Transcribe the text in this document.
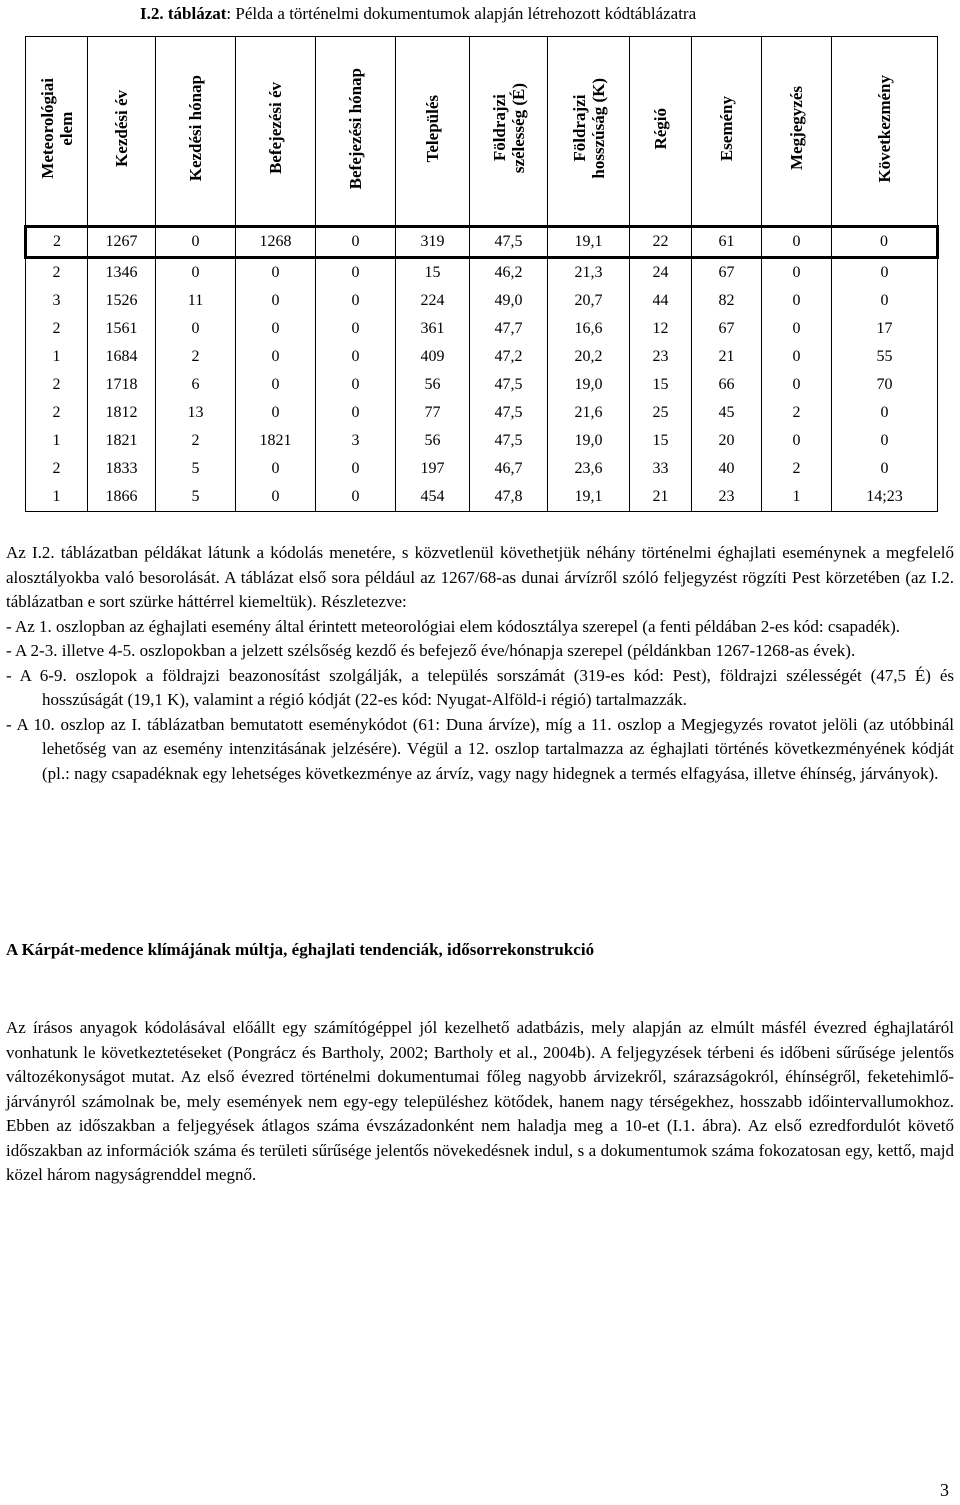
I.2. táblázat: Példa a történelmi dokumentumok alapján létrehozott kódtáblázatra
Meteorológiai
elem	Kezdési év	Kezdési hónap	Befejezési év	Befejezési hónap	Település	Földrajzi
szélesség (É)	Földrajzi
hosszúság (K)	Régió	Esemény	Megjegyzés	Következmény
2	1267	0	1268	0	319	47,5	19,1	22	61	0	0
2	1346	0	0	0	15	46,2	21,3	24	67	0	0
3	1526	11	0	0	224	49,0	20,7	44	82	0	0
2	1561	0	0	0	361	47,7	16,6	12	67	0	17
1	1684	2	0	0	409	47,2	20,2	23	21	0	55
2	1718	6	0	0	56	47,5	19,0	15	66	0	70
2	1812	13	0	0	77	47,5	21,6	25	45	2	0
1	1821	2	1821	3	56	47,5	19,0	15	20	0	0
2	1833	5	0	0	197	46,7	23,6	33	40	2	0
1	1866	5	0	0	454	47,8	19,1	21	23	1	14;23

Az I.2. táblázatban példákat látunk a kódolás menetére, s közvetlenül követhetjük néhány történelmi éghajlati eseménynek a megfelelő alosztályokba való besorolását. A táblázat első sora például az 1267/68-as dunai árvízről szóló feljegyzést rögzíti Pest körzetében (az I.2. táblázatban e sort szürke háttérrel kiemeltük). Részletezve:

- Az 1. oszlopban az éghajlati esemény által érintett meteorológiai elem kódosztálya szerepel (a fenti példában 2-es kód: csapadék).

- A 2-3. illetve 4-5. oszlopokban a jelzett szélsőség kezdő és befejező éve/hónapja szerepel (példánkban 1267-1268-as évek).

- A 6-9. oszlopok a földrajzi beazonosítást szolgálják, a település sorszámát (319-es kód: Pest), földrajzi szélességét (47,5 É) és hosszúságát (19,1 K), valamint a régió kódját (22-es kód: Nyugat-Alföld-i régió) tartalmazzák.

- A 10. oszlop az I. táblázatban bemutatott eseménykódot (61: Duna árvíze), míg a 11. oszlop a Megjegyzés rovatot jelöli (az utóbbinál lehetőség van az esemény intenzitásának jelzésére). Végül a 12. oszlop tartalmazza az éghajlati történés következményének kódját (pl.: nagy csapadéknak egy lehetséges következménye az árvíz, vagy nagy hidegnek a termés elfagyása, illetve éhínség, járványok).

A Kárpát-medence klímájának múltja, éghajlati tendenciák, idősorrekonstrukció

Az írásos anyagok kódolásával előállt egy számítógéppel jól kezelhető adatbázis, mely alapján az elmúlt másfél évezred éghajlatáról vonhatunk le következtetéseket (Pongrácz és Bartholy, 2002; Bartholy et al., 2004b). A feljegyzések térbeni és időbeni sűrűsége jelentős változékonyságot mutat. Az első évezred történelmi dokumentumai főleg nagyobb árvizekről, szárazságokról, éhínségről, feketehimlő-járványról számolnak be, mely események nem egy-egy településhez kötődek, hanem nagy térségekhez, hosszabb időintervallumokhoz. Ebben az időszakban a feljegyések átlagos száma évszázadonként nem haladja meg a 10-et (I.1. ábra). Az első ezredfordulót követő időszakban az információk száma és területi sűrűsége jelentős növekedésnek indul, s a dokumentumok száma fokozatosan egy, kettő, majd közel három nagyságrenddel megnő.

3
